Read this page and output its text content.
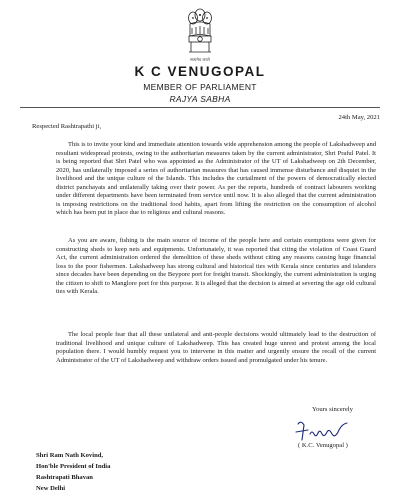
सत्यमेव जयते
K C VENUGOPAL
MEMBER OF PARLIAMENT
RAJYA SABHA
24th May, 2021
Respected Rashtrapathi ji,

This is to invite your kind and immediate attention towards wide apprehension among the people of Lakshadweep and resultant widespread protests, owing to the authoritarian measures taken by the current administrator, Shri Praful Patel. It is being reported that Shri Patel who was appointed as the Administrator of the UT of Lakshadweep on 2th December, 2020, has unilaterally imposed a series of authoritarian measures that has caused immense disturbance and disquiet in the livelihood and the unique culture of the Islands. This includes the curtailment of the powers of democratically elected district panchayats and unilaterally taking over their power. As per the reports, hundreds of contract labourers working under different departments have been terminated from service until now. It is also alleged that the current administration is imposing restrictions on the traditional food habits, apart from lifting the restriction on the consumption of alcohol which has been put in place due to religious and cultural reasons.

As you are aware, fishing is the main source of income of the people here and certain exemptions were given for constructing sheds to keep nets and equipments. Unfortunately, it was reported that citing the violation of Coast Guard Act, the current administration ordered the demolition of these sheds without citing any reasons causing huge financial loss to the poor fishermen. Lakshadweep has strong cultural and historical ties with Kerala since centuries and islanders since decades have been depending on the Beypore port for freight transit. Shockingly, the current administration is urging the citizen to shift to Manglore port for this purpose. It is alleged that the decision is aimed at severing the age old cultural ties with Kerala.

The local people fear that all these unilateral and anti-people decisions would ultimately lead to the destruction of traditional livelihood and unique culture of Lakshadweep. This has created huge unrest and protest among the local population there. I would humbly request you to intervene in this matter and urgently ensure the recall of the current Administrator of the UT of Lakshadweep and withdraw orders issued and promulgated under his tenure.

Yours sincerely
( K.C. Venugopal )
Shri Ram Nath Kovind,
Hon'ble President of India
Rashtrapati Bhavan
New Delhi
